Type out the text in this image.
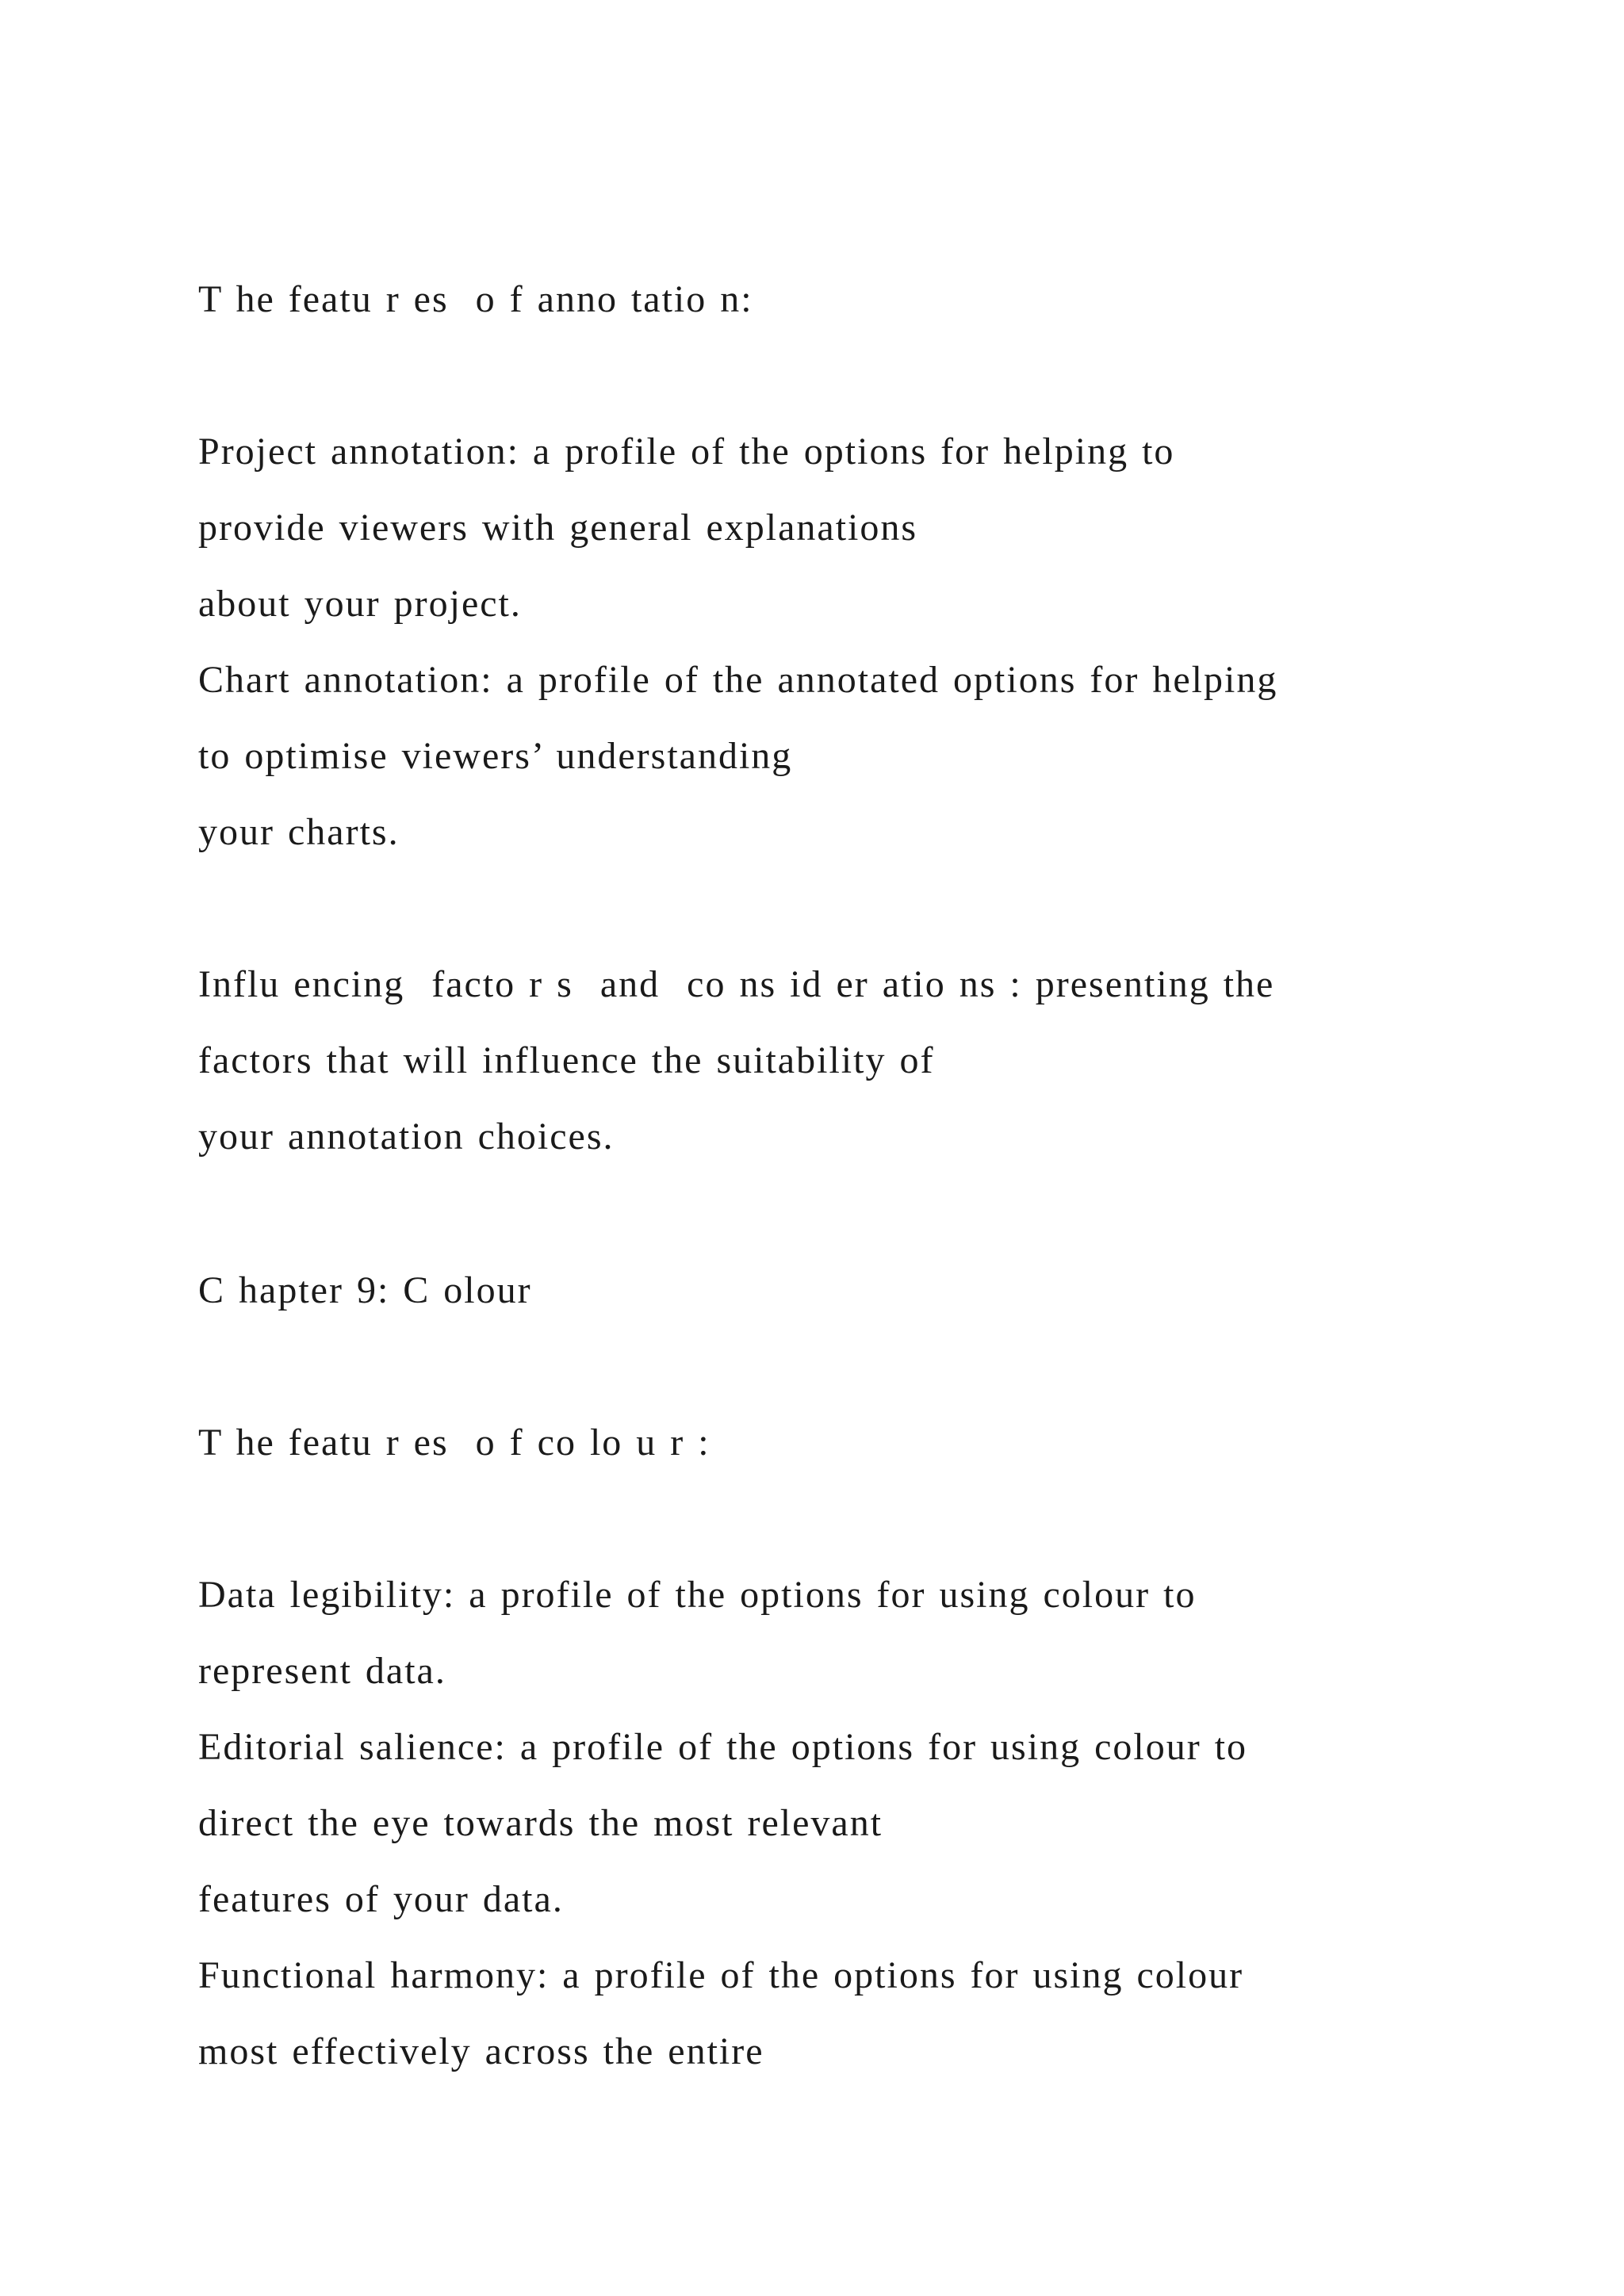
T he featu r es  o f anno tatio n:

Project annotation: a profile of the options for helping to

provide viewers with general explanations

about your project.

Chart annotation: a profile of the annotated options for helping

to optimise viewers’ understanding

your charts.

Influ encing  facto r s  and  co ns id er atio ns : presenting the

factors that will influence the suitability of

your annotation choices.

C hapter 9: C olour

T he featu r es  o f co lo u r :

Data legibility: a profile of the options for using colour to

represent data.

Editorial salience: a profile of the options for using colour to

direct the eye towards the most relevant

features of your data.

Functional harmony: a profile of the options for using colour

most effectively across the entire
